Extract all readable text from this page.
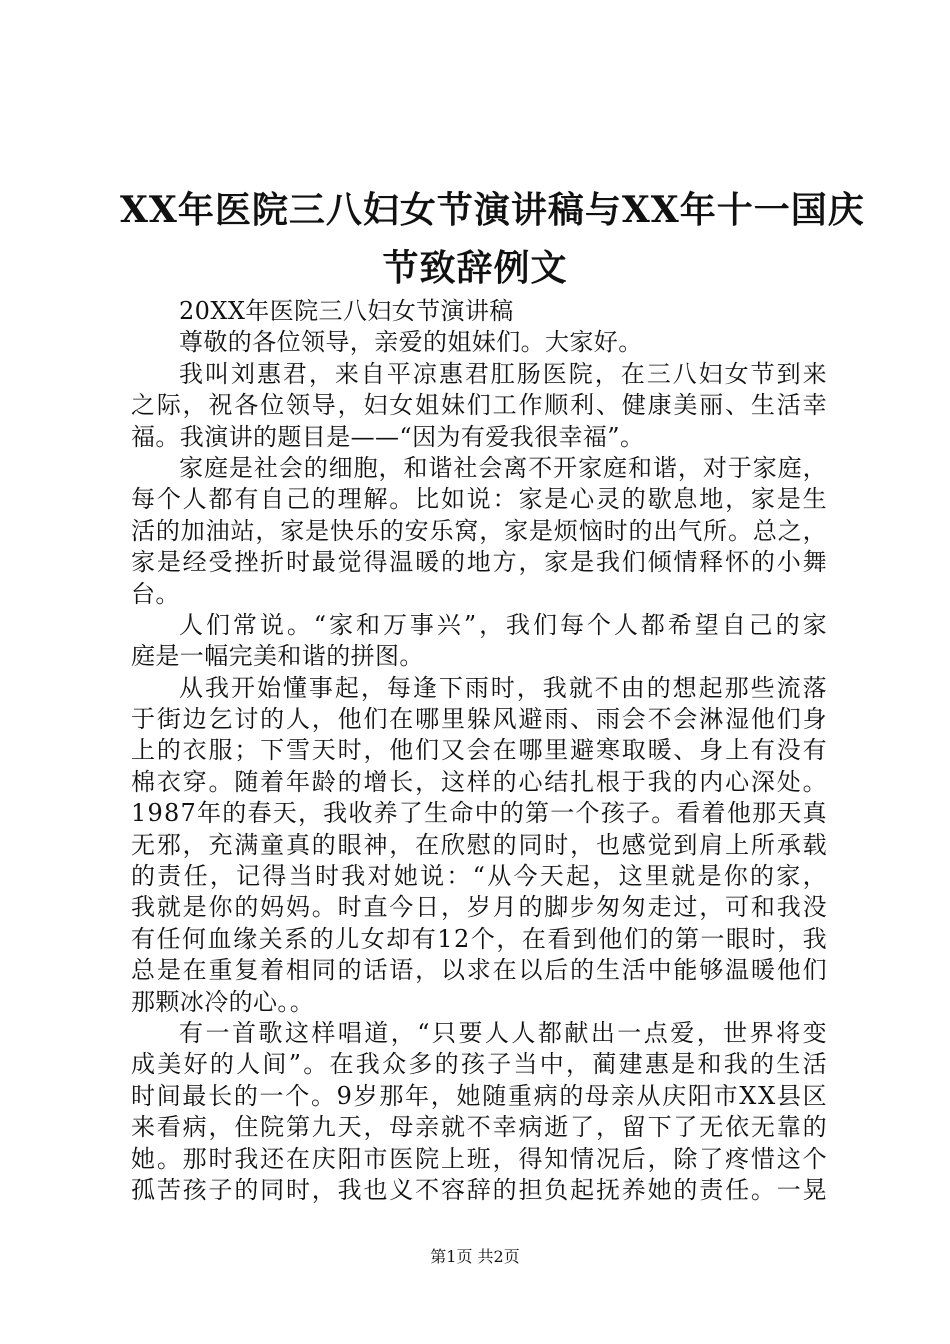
XX年医院三八妇女节演讲稿与XX年十一国庆
节致辞例文
20XX年医院三八妇女节演讲稿
尊敬的各位领导，亲爱的姐妹们。大家好。
我叫刘惠君，来自平凉惠君肛肠医院，在三八妇女节到来
之际，祝各位领导，妇女姐妹们工作顺利、健康美丽、生活幸
福。我演讲的题目是——“因为有爱我很幸福”。
家庭是社会的细胞，和谐社会离不开家庭和谐，对于家庭，
每个人都有自己的理解。比如说：家是心灵的歇息地，家是生
活的加油站，家是快乐的安乐窝，家是烦恼时的出气所。总之，
家是经受挫折时最觉得温暖的地方，家是我们倾情释怀的小舞
台。
人们常说。“家和万事兴”，我们每个人都希望自己的家
庭是一幅完美和谐的拼图。
从我开始懂事起，每逢下雨时，我就不由的想起那些流落
于街边乞讨的人，他们在哪里躲风避雨、雨会不会淋湿他们身
上的衣服；下雪天时，他们又会在哪里避寒取暖、身上有没有
棉衣穿。随着年龄的增长，这样的心结扎根于我的内心深处。
1987年的春天，我收养了生命中的第一个孩子。看着他那天真
无邪，充满童真的眼神，在欣慰的同时，也感觉到肩上所承载
的责任，记得当时我对她说：“从今天起，这里就是你的家，
我就是你的妈妈。时直今日，岁月的脚步匆匆走过，可和我没
有任何血缘关系的儿女却有12个，在看到他们的第一眼时，我
总是在重复着相同的话语，以求在以后的生活中能够温暖他们
那颗冰冷的心。。
有一首歌这样唱道，“只要人人都献出一点爱，世界将变
成美好的人间”。在我众多的孩子当中，蔺建惠是和我的生活
时间最长的一个。9岁那年，她随重病的母亲从庆阳市XX县区
来看病，住院第九天，母亲就不幸病逝了，留下了无依无靠的
她。那时我还在庆阳市医院上班，得知情况后，除了疼惜这个
孤苦孩子的同时，我也义不容辞的担负起抚养她的责任。一晃
第1页 共2页
